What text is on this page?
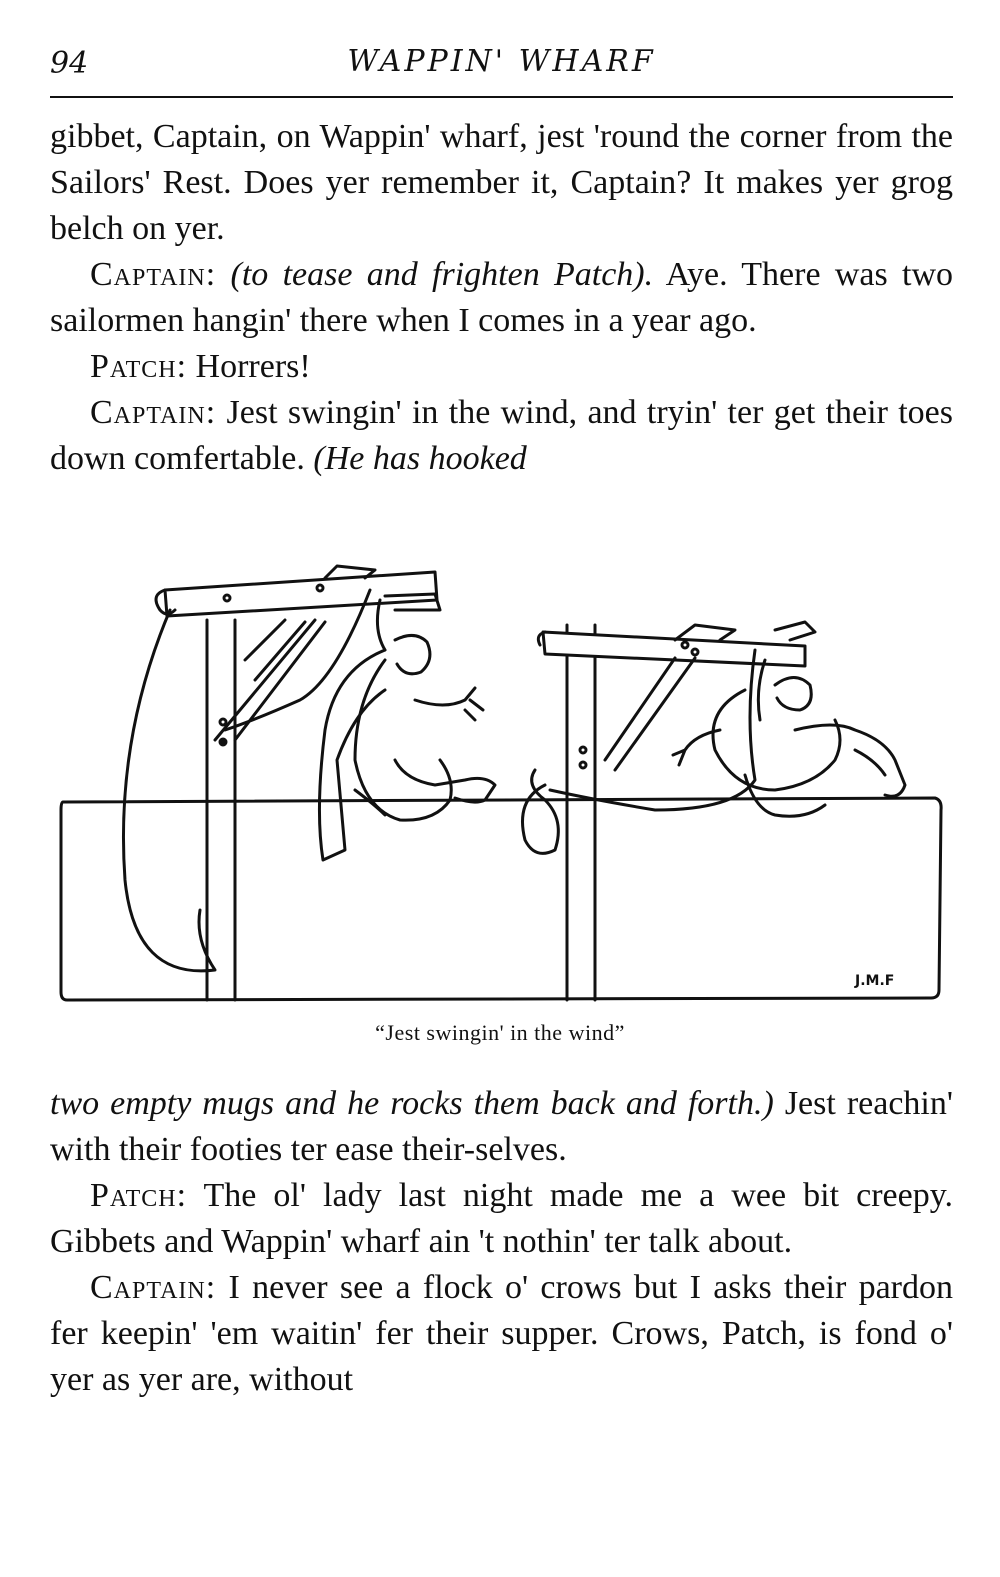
94	WAPPIN' WHARF

gibbet, Captain, on Wappin' wharf, jest 'round the corner from the Sailors' Rest. Does yer remember it, Captain? It makes yer grog belch on yer.

Captain: (to tease and frighten Patch). Aye. There was two sailormen hangin' there when I comes in a year ago.

Patch: Horrers!

Captain: Jest swingin' in the wind, and tryin' ter get their toes down comfertable. (He has hooked

J.M.F
“Jest swingin' in the wind”

two empty mugs and he rocks them back and forth.) Jest reachin' with their footies ter ease their-selves.

Patch: The ol' lady last night made me a wee bit creepy. Gibbets and Wappin' wharf ain 't nothin' ter talk about.

Captain: I never see a flock o' crows but I asks their pardon fer keepin' 'em waitin' fer their supper. Crows, Patch, is fond o' yer as yer are, without
